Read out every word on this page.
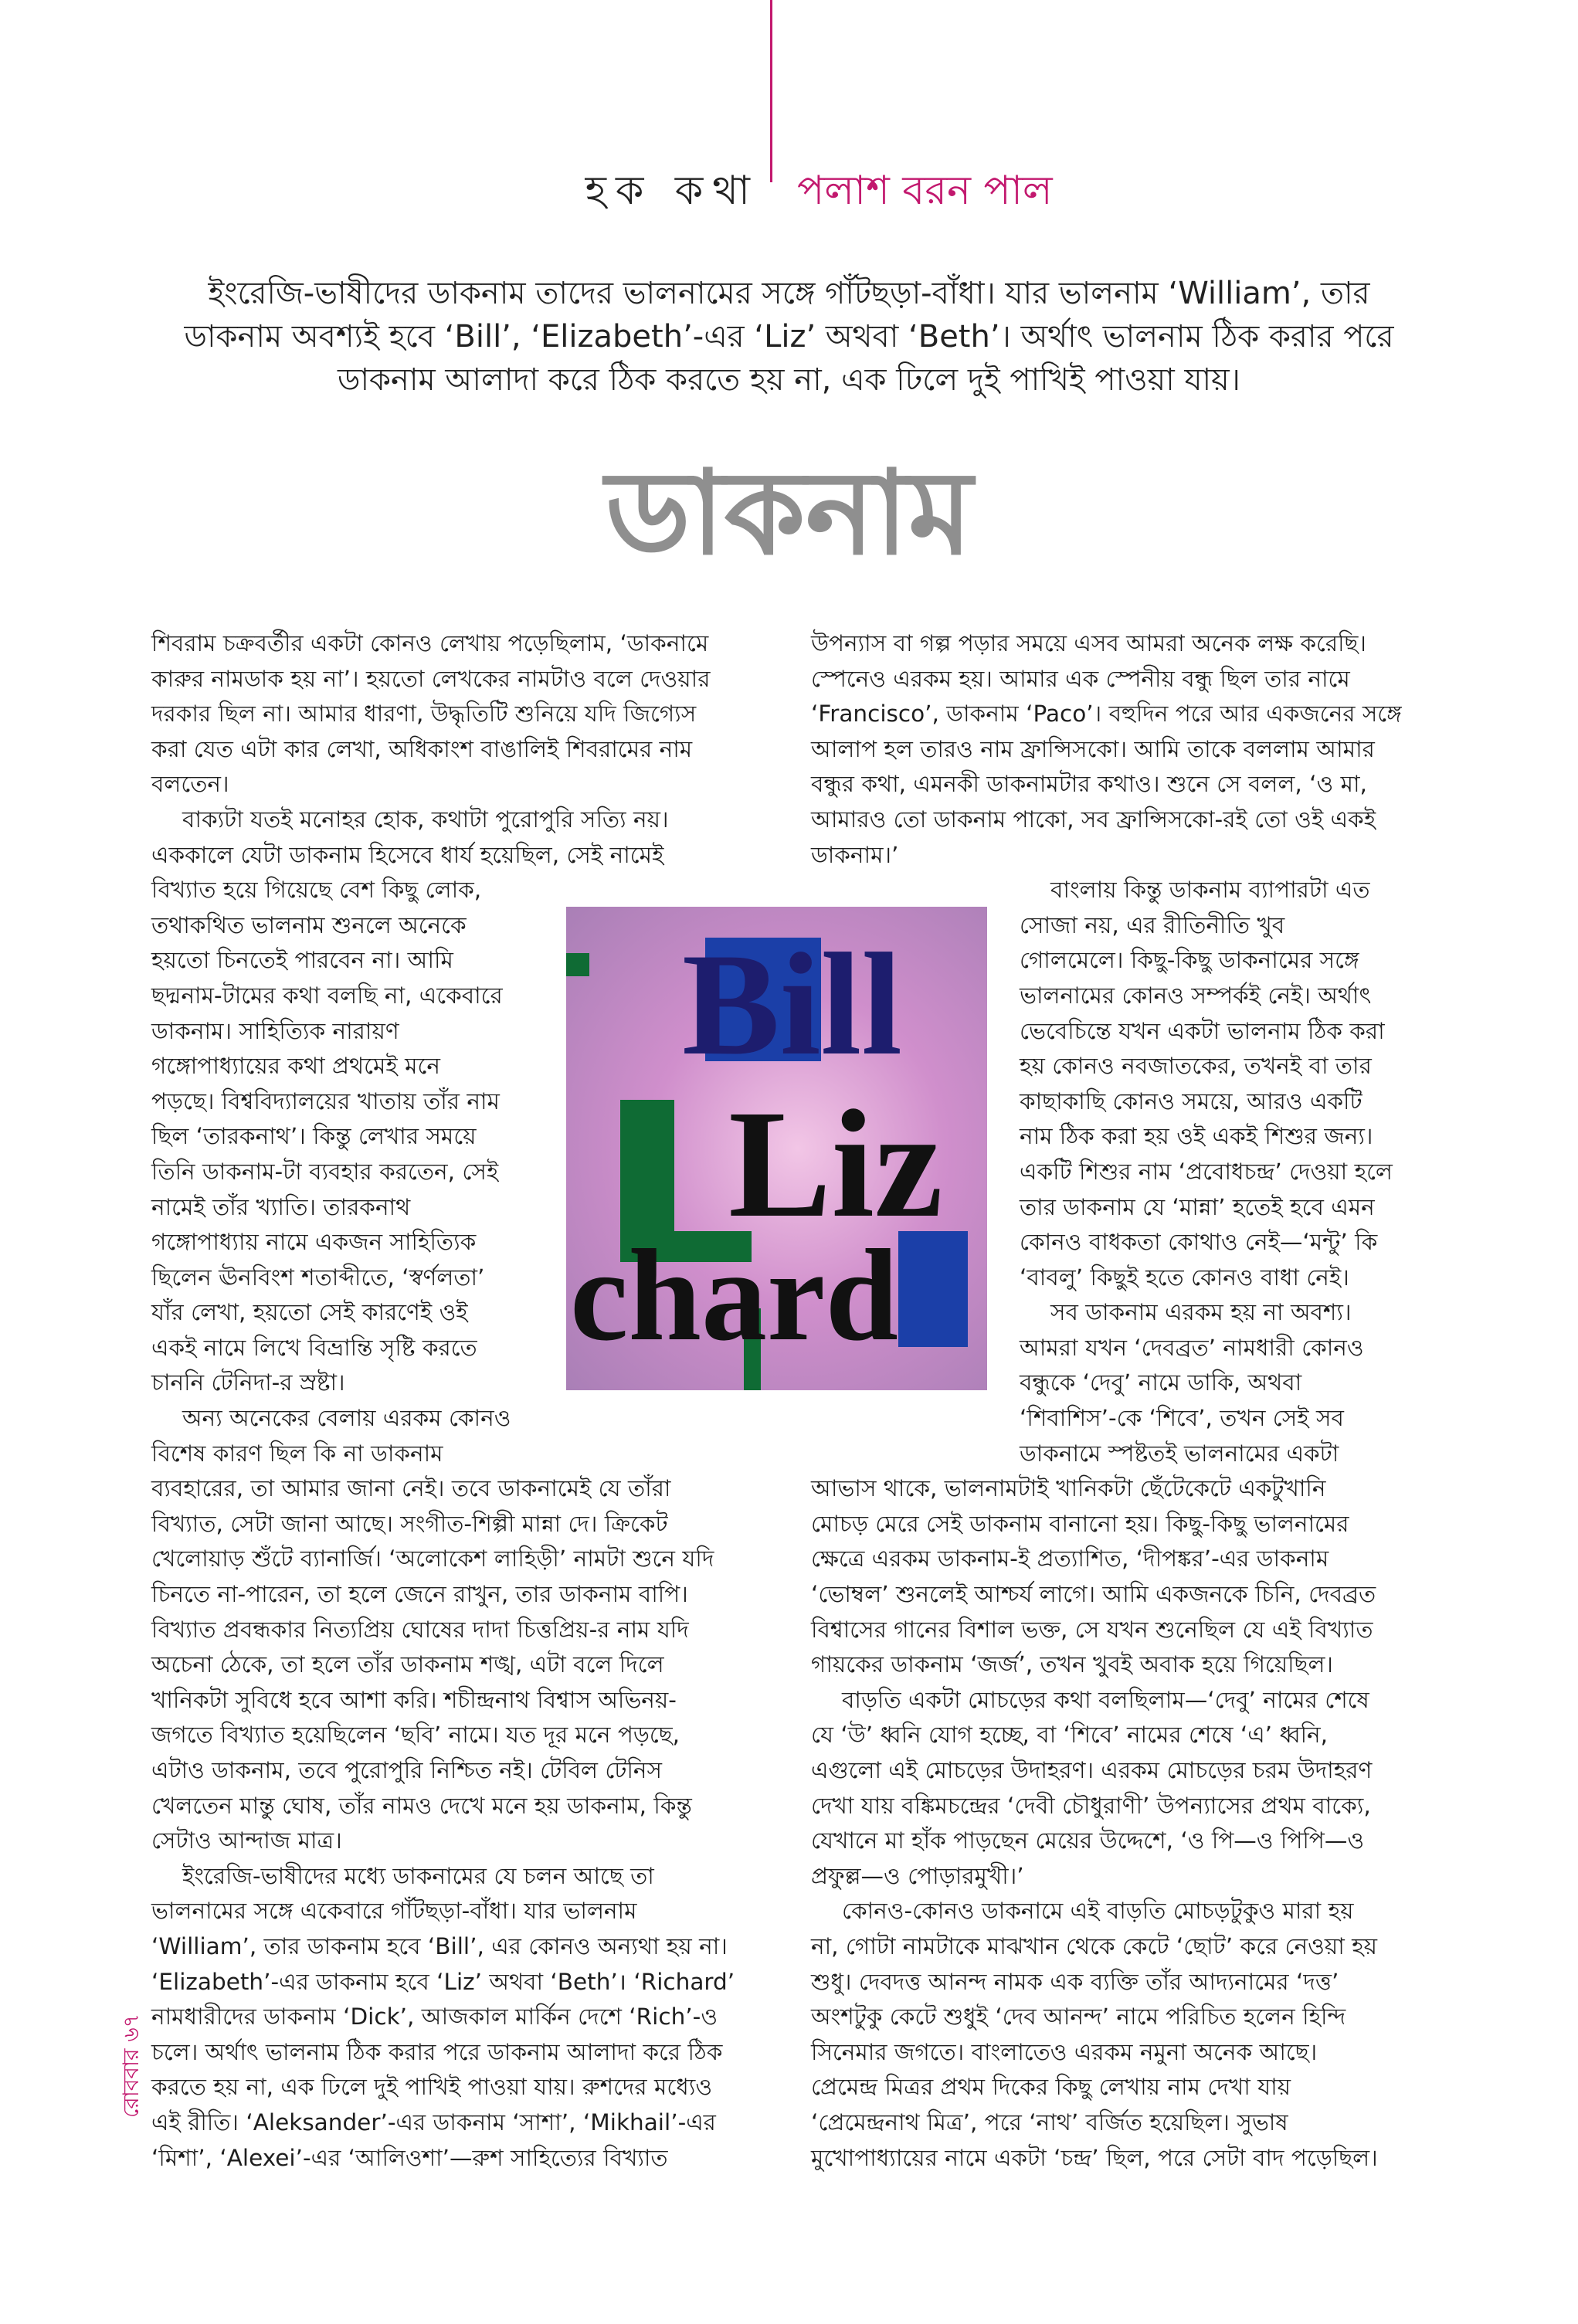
হক কথা পলাশ বরন পাল

ইংরেজি-ভাষীদের ডাকনাম তাদের ভালনামের সঙ্গে গাঁটছড়া-বাঁধা। যার ভালনাম ‘William’, তার

ডাকনাম অবশ্যই হবে ‘Bill’, ‘Elizabeth’-এর ‘Liz’ অথবা ‘Beth’। অর্থাৎ ভালনাম ঠিক করার পরে

ডাকনাম আলাদা করে ঠিক করতে হয় না, এক ঢিলে দুই পাখিই পাওয়া যায়।

ডাকনাম

শিবরাম চক্রবর্তীর একটা কোনও লেখায় পড়েছিলাম, ‘ডাকনামে

কারুর নামডাক হয় না’। হয়তো লেখকের নামটাও বলে দেওয়ার

দরকার ছিল না। আমার ধারণা, উদ্ধৃতিটি শুনিয়ে যদি জিগ্যেস

করা যেত এটা কার লেখা, অধিকাংশ বাঙালিই শিবরামের নাম

বলতেন।

বাক্যটা যতই মনোহর হোক, কথাটা পুরোপুরি সত্যি নয়।

এককালে যেটা ডাকনাম হিসেবে ধার্য হয়েছিল, সেই নামেই

বিখ্যাত হয়ে গিয়েছে বেশ কিছু লোক,

তথাকথিত ভালনাম শুনলে অনেকে

হয়তো চিনতেই পারবেন না। আমি

ছদ্মনাম-টামের কথা বলছি না, একেবারে

ডাকনাম। সাহিত্যিক নারায়ণ

গঙ্গোপাধ্যায়ের কথা প্রথমেই মনে

পড়ছে। বিশ্ববিদ্যালয়ের খাতায় তাঁর নাম

ছিল ‘তারকনাথ’। কিন্তু লেখার সময়ে

তিনি ডাকনাম-টা ব্যবহার করতেন, সেই

নামেই তাঁর খ্যাতি। তারকনাথ

গঙ্গোপাধ্যায় নামে একজন সাহিত্যিক

ছিলেন ঊনবিংশ শতাব্দীতে, ‘স্বর্ণলতা’

যাঁর লেখা, হয়তো সেই কারণেই ওই

একই নামে লিখে বিভ্রান্তি সৃষ্টি করতে

চাননি টেনিদা-র স্রষ্টা।

অন্য অনেকের বেলায় এরকম কোনও

বিশেষ কারণ ছিল কি না ডাকনাম

ব্যবহারের, তা আমার জানা নেই। তবে ডাকনামেই যে তাঁরা

বিখ্যাত, সেটা জানা আছে। সংগীত-শিল্পী মান্না দে। ক্রিকেট

খেলোয়াড় শুঁটে ব্যানার্জি। ‘অলোকেশ লাহিড়ী’ নামটা শুনে যদি

চিনতে না-পারেন, তা হলে জেনে রাখুন, তার ডাকনাম বাপি।

বিখ্যাত প্রবন্ধকার নিত্যপ্রিয় ঘোষের দাদা চিত্তপ্রিয়-র নাম যদি

অচেনা ঠেকে, তা হলে তাঁর ডাকনাম শঙ্খ, এটা বলে দিলে

খানিকটা সুবিধে হবে আশা করি। শচীন্দ্রনাথ বিশ্বাস অভিনয়-

জগতে বিখ্যাত হয়েছিলেন ‘ছবি’ নামে। যত দূর মনে পড়ছে,

এটাও ডাকনাম, তবে পুরোপুরি নিশ্চিত নই। টেবিল টেনিস

খেলতেন মান্তু ঘোষ, তাঁর নামও দেখে মনে হয় ডাকনাম, কিন্তু

সেটাও আন্দাজ মাত্র।

ইংরেজি-ভাষীদের মধ্যে ডাকনামের যে চলন আছে তা

ভালনামের সঙ্গে একেবারে গাঁটছড়া-বাঁধা। যার ভালনাম

‘William’, তার ডাকনাম হবে ‘Bill’, এর কোনও অন্যথা হয় না।

‘Elizabeth’-এর ডাকনাম হবে ‘Liz’ অথবা ‘Beth’। ‘Richard’

নামধারীদের ডাকনাম ‘Dick’, আজকাল মার্কিন দেশে ‘Rich’-ও

চলে। অর্থাৎ ভালনাম ঠিক করার পরে ডাকনাম আলাদা করে ঠিক

করতে হয় না, এক ঢিলে দুই পাখিই পাওয়া যায়। রুশদের মধ্যেও

এই রীতি। ‘Aleksander’-এর ডাকনাম ‘সাশা’, ‘Mikhail’-এর

‘মিশা’, ‘Alexei’-এর ‘আলিওশা’—রুশ সাহিত্যের বিখ্যাত

উপন্যাস বা গল্প পড়ার সময়ে এসব আমরা অনেক লক্ষ করেছি।

স্পেনেও এরকম হয়। আমার এক স্পেনীয় বন্ধু ছিল তার নামে

‘Francisco’, ডাকনাম ‘Paco’। বহুদিন পরে আর একজনের সঙ্গে

আলাপ হল তারও নাম ফ্রান্সিসকো। আমি তাকে বললাম আমার

বন্ধুর কথা, এমনকী ডাকনামটার কথাও। শুনে সে বলল, ‘ও মা,

আমারও তো ডাকনাম পাকো, সব ফ্রান্সিসকো-রই তো ওই একই

ডাকনাম।’

বাংলায় কিন্তু ডাকনাম ব্যাপারটা এত

সোজা নয়, এর রীতিনীতি খুব

গোলমেলে। কিছু-কিছু ডাকনামের সঙ্গে

ভালনামের কোনও সম্পর্কই নেই। অর্থাৎ

ভেবেচিন্তে যখন একটা ভালনাম ঠিক করা

হয় কোনও নবজাতকের, তখনই বা তার

কাছাকাছি কোনও সময়ে, আরও একটি

নাম ঠিক করা হয় ওই একই শিশুর জন্য।

একটি শিশুর নাম ‘প্রবোধচন্দ্র’ দেওয়া হলে

তার ডাকনাম যে ‘মান্না’ হতেই হবে এমন

কোনও বাধকতা কোথাও নেই—‘মন্টু’ কি

‘বাবলু’ কিছুই হতে কোনও বাধা নেই।

সব ডাকনাম এরকম হয় না অবশ্য।

আমরা যখন ‘দেবব্রত’ নামধারী কোনও

বন্ধুকে ‘দেবু’ নামে ডাকি, অথবা

‘শিবাশিস’-কে ‘শিবে’, তখন সেই সব

ডাকনামে স্পষ্টতই ভালনামের একটা

আভাস থাকে, ভালনামটাই খানিকটা ছেঁটেকেটে একটুখানি

মোচড় মেরে সেই ডাকনাম বানানো হয়। কিছু-কিছু ভালনামের

ক্ষেত্রে এরকম ডাকনাম-ই প্রত্যাশিত, ‘দীপঙ্কর’-এর ডাকনাম

‘ভোম্বল’ শুনলেই আশ্চর্য লাগে। আমি একজনকে চিনি, দেবব্রত

বিশ্বাসের গানের বিশাল ভক্ত, সে যখন শুনেছিল যে এই বিখ্যাত

গায়কের ডাকনাম ‘জর্জ’, তখন খুবই অবাক হয়ে গিয়েছিল।

বাড়তি একটা মোচড়ের কথা বলছিলাম—‘দেবু’ নামের শেষে

যে ‘উ’ ধ্বনি যোগ হচ্ছে, বা ‘শিবে’ নামের শেষে ‘এ’ ধ্বনি,

এগুলো এই মোচড়ের উদাহরণ। এরকম মোচড়ের চরম উদাহরণ

দেখা যায় বঙ্কিমচন্দ্রের ‘দেবী চৌধুরাণী’ উপন্যাসের প্রথম বাক্যে,

যেখানে মা হাঁক পাড়ছেন মেয়ের উদ্দেশে, ‘ও পি—ও পিপি—ও

প্রফুল্ল—ও পোড়ারমুখী।’

কোনও-কোনও ডাকনামে এই বাড়তি মোচড়টুকুও মারা হয়

না, গোটা নামটাকে মাঝখান থেকে কেটে ‘ছোট’ করে নেওয়া হয়

শুধু। দেবদত্ত আনন্দ নামক এক ব্যক্তি তাঁর আদ্যনামের ‘দত্ত’

অংশটুকু কেটে শুধুই ‘দেব আনন্দ’ নামে পরিচিত হলেন হিন্দি

সিনেমার জগতে। বাংলাতেও এরকম নমুনা অনেক আছে।

প্রেমেন্দ্র মিত্রর প্রথম দিকের কিছু লেখায় নাম দেখা যায়

‘প্রেমেন্দ্রনাথ মিত্র’, পরে ‘নাথ’ বর্জিত হয়েছিল। সুভাষ

মুখোপাধ্যায়ের নামে একটা ‘চন্দ্র’ ছিল, পরে সেটা বাদ পড়েছিল।

Bill
Liz
chard
রোববার ৬৭
